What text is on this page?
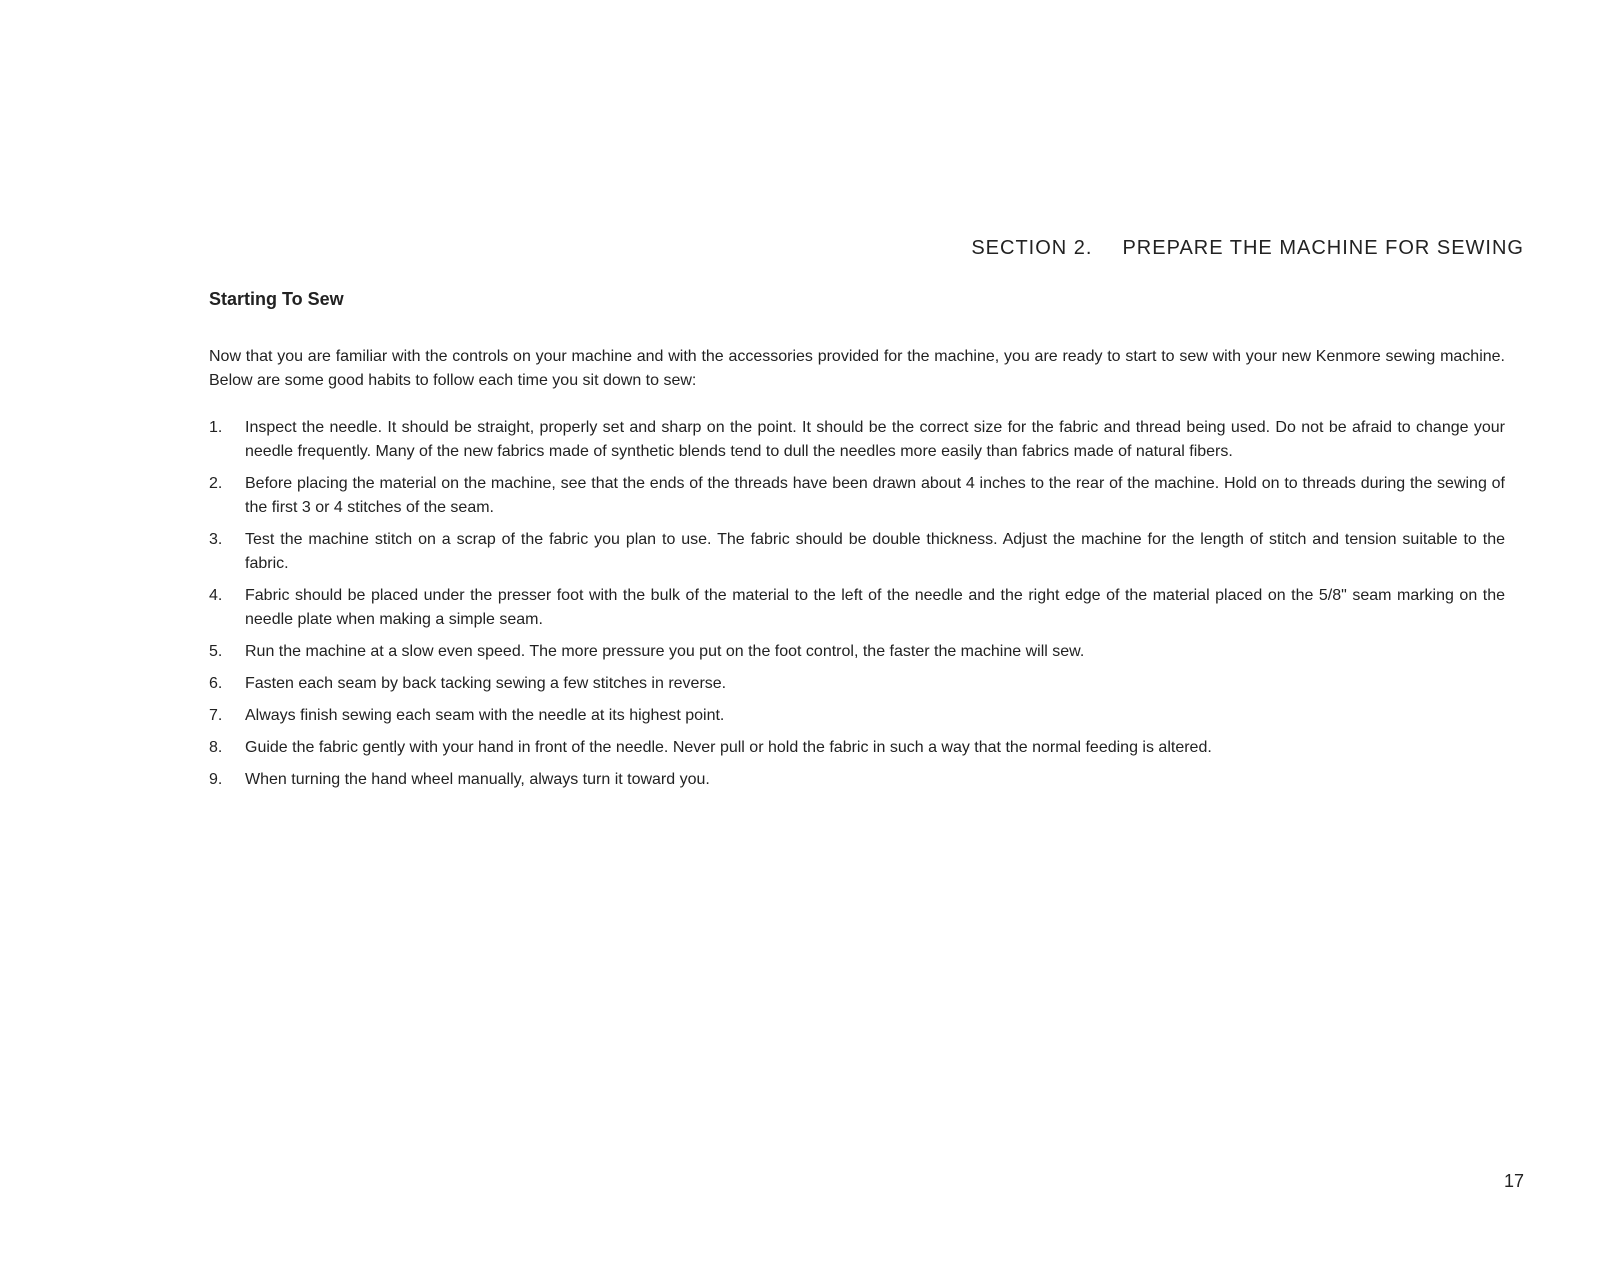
SECTION 2. PREPARE THE MACHINE FOR SEWING
Starting To Sew
Now that you are familiar with the controls on your machine and with the accessories provided for the machine, you are ready to start to sew with your new Kenmore sewing machine. Below are some good habits to follow each time you sit down to sew:
1.	Inspect the needle. It should be straight, properly set and sharp on the point. It should be the correct size for the fabric and thread being used. Do not be afraid to change your needle frequently. Many of the new fabrics made of synthetic blends tend to dull the needles more easily than fabrics made of natural fibers.
2.	Before placing the material on the machine, see that the ends of the threads have been drawn about 4 inches to the rear of the machine. Hold on to threads during the sewing of the first 3 or 4 stitches of the seam.
3.	Test the machine stitch on a scrap of the fabric you plan to use. The fabric should be double thickness. Adjust the machine for the length of stitch and tension suitable to the fabric.
4.	Fabric should be placed under the presser foot with the bulk of the material to the left of the needle and the right edge of the material placed on the 5/8" seam marking on the needle plate when making a simple seam.
5.	Run the machine at a slow even speed. The more pressure you put on the foot control, the faster the machine will sew.
6.	Fasten each seam by back tacking sewing a few stitches in reverse.
7.	Always finish sewing each seam with the needle at its highest point.
8.	Guide the fabric gently with your hand in front of the needle. Never pull or hold the fabric in such a way that the normal feeding is altered.
9.	When turning the hand wheel manually, always turn it toward you.
17
